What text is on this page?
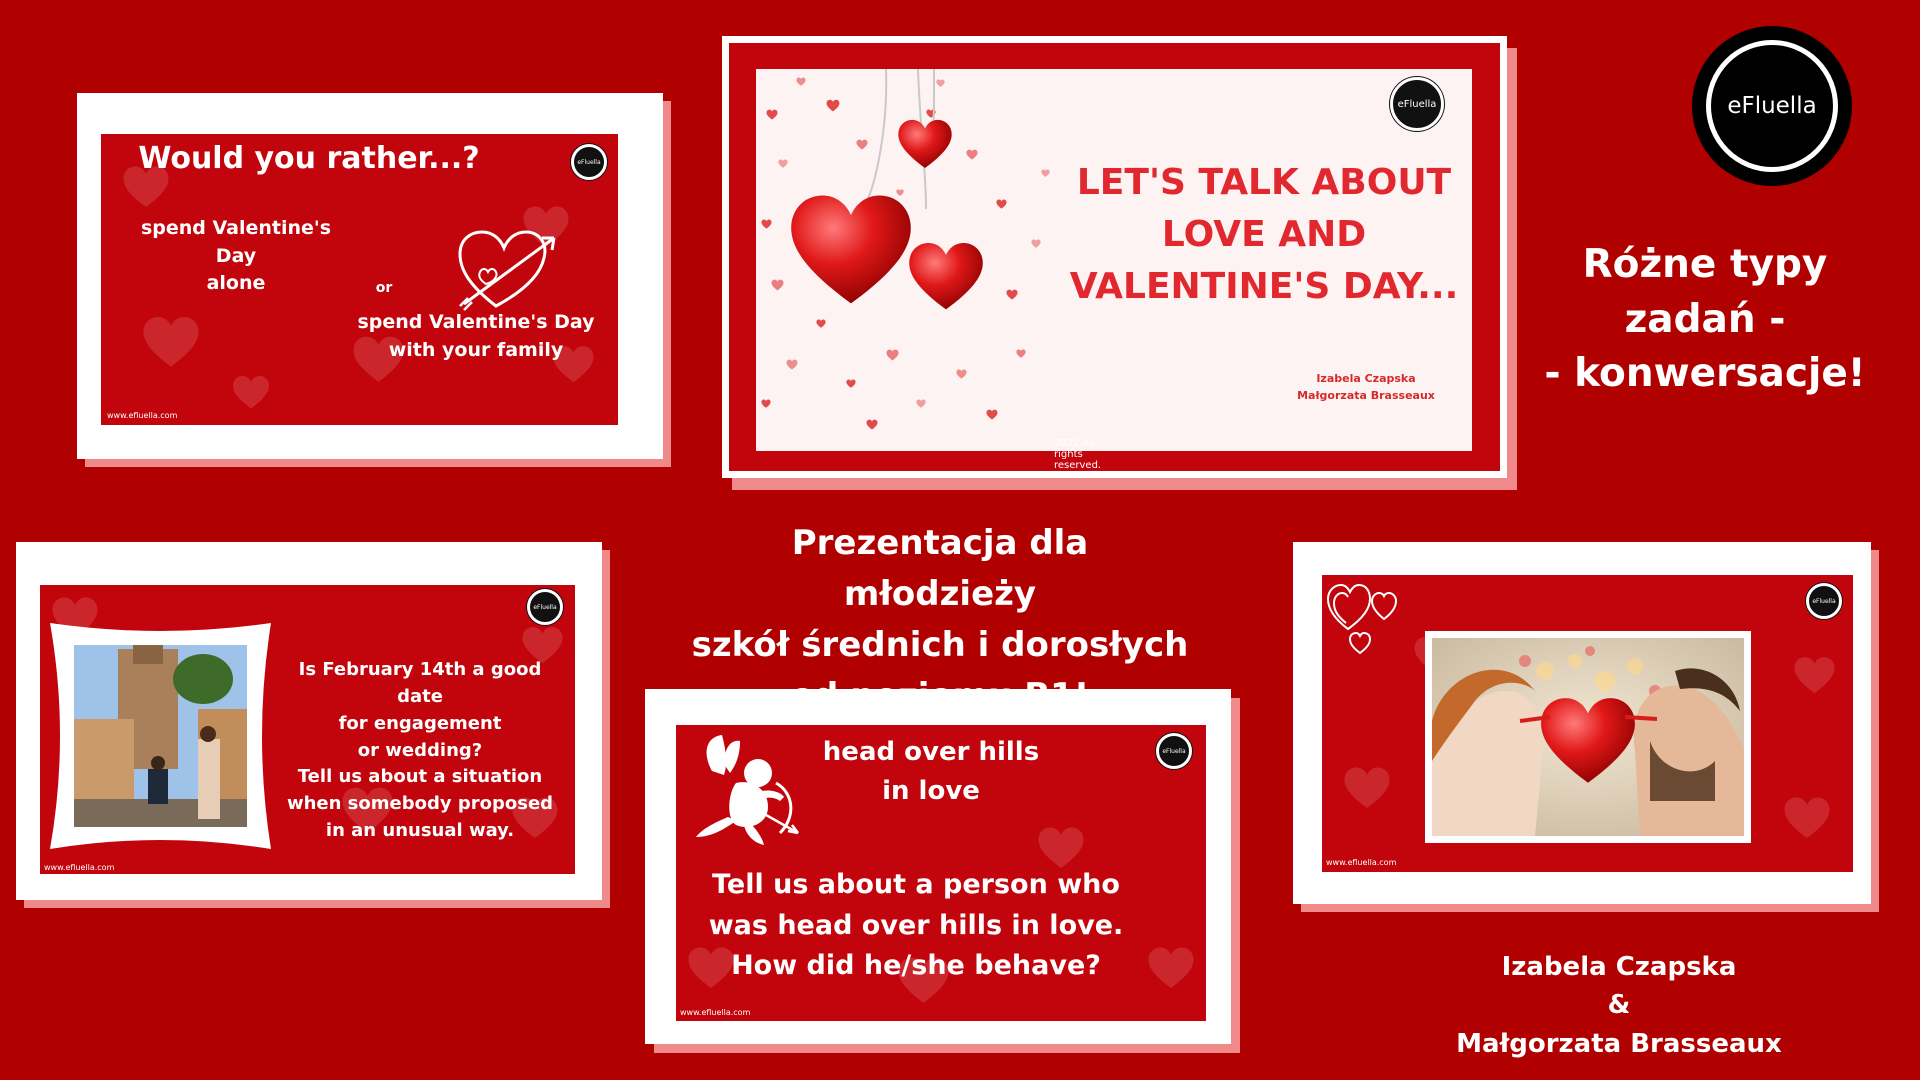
Would you rather...?	eFluella
spend Valentine's Day
alone	or
spend Valentine's Day
with your family
www.efluella.com
eFluella
LET'S TALK ABOUT
LOVE AND
VALENTINE'S DAY...
Izabela Czapska
Małgorzata Brasseaux
2022 All rights reserved.
eFluella
Różne typy
zadań -
- konwersacje!
Prezentacja dla młodzieży
szkół średnich i dorosłych
Is February 14th a good date
for engagement
or wedding?
Tell us about a situation
when somebody proposed
in an unusual way.
eFluella
www.efluella.com
head over hills
in love
eFluella
Tell us about a person who
was head over hills in love.
How did he/she behave?
www.efluella.com
eFluella
www.efluella.com
Izabela Czapska
&
Małgorzata Brasseaux
